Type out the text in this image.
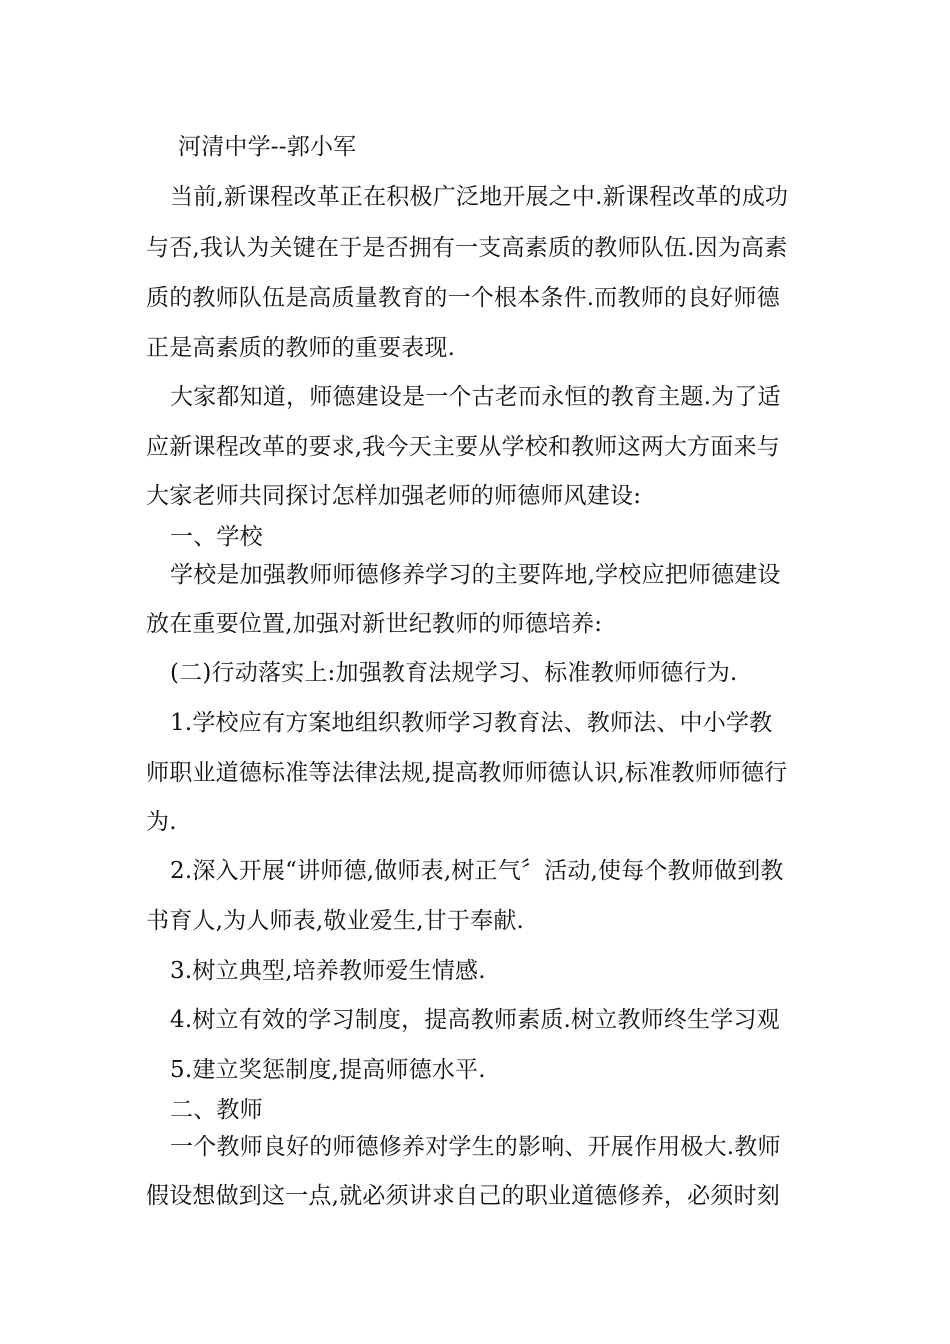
河清中学--郭小军
当前,新课程改革正在积极广泛地开展之中.新课程改革的成功
与否,我认为关键在于是否拥有一支高素质的教师队伍.因为高素
质的教师队伍是高质量教育的一个根本条件.而教师的良好师德
正是高素质的教师的重要表现.
大家都知道，师德建设是一个古老而永恒的教育主题.为了适
应新课程改革的要求,我今天主要从学校和教师这两大方面来与
大家老师共同探讨怎样加强老师的师德师风建设:
一、学校
学校是加强教师师德修养学习的主要阵地,学校应把师德建设
放在重要位置,加强对新世纪教师的师德培养:
(二)行动落实上:加强教育法规学习、标准教师师德行为.
1.学校应有方案地组织教师学习教育法、教师法、中小学教
师职业道德标准等法律法规,提高教师师德认识,标准教师师德行
为.
2.深入开展“讲师德,做师表,树正气〞活动,使每个教师做到教
书育人,为人师表,敬业爱生,甘于奉献.
3.树立典型,培养教师爱生情感.
4.树立有效的学习制度，提高教师素质.树立教师终生学习观
5.建立奖惩制度,提高师德水平.
二、教师
一个教师良好的师德修养对学生的影响、开展作用极大.教师
假设想做到这一点,就必须讲求自己的职业道德修养，必须时刻
